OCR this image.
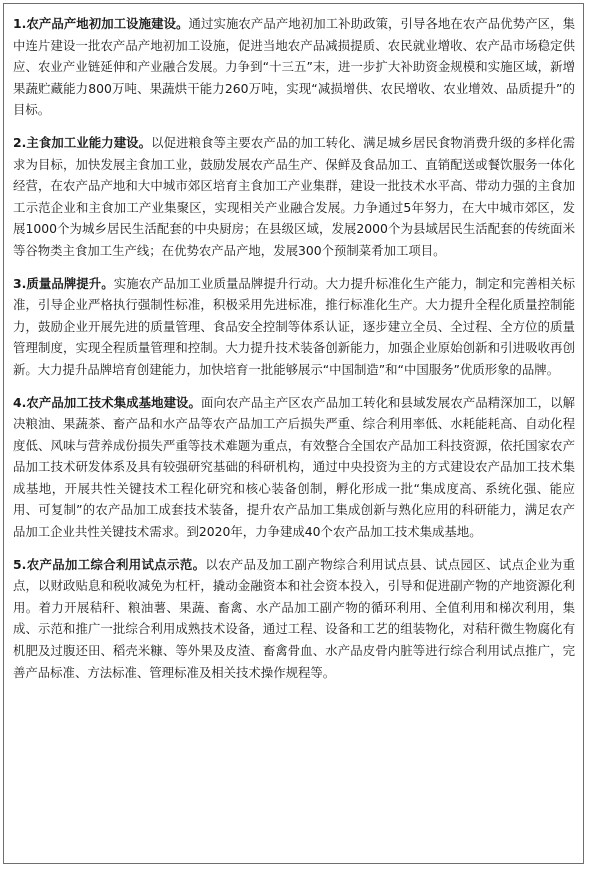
1.农产品产地初加工设施建设。通过实施农产品产地初加工补助政策，引导各地在农产品优势产区，集中连片建设一批农产品产地初加工设施，促进当地农产品减损提质、农民就业增收、农产品市场稳定供应、农业产业链延伸和产业融合发展。力争到“十三五”末，进一步扩大补助资金规模和实施区域，新增果蔬贮藏能力800万吨、果蔬烘干能力260万吨，实现“减损增供、农民增收、农业增效、品质提升”的目标。

2.主食加工业能力建设。以促进粮食等主要农产品的加工转化、满足城乡居民食物消费升级的多样化需求为目标，加快发展主食加工业，鼓励发展农产品生产、保鲜及食品加工、直销配送或餐饮服务一体化经营，在农产品产地和大中城市郊区培育主食加工产业集群，建设一批技术水平高、带动力强的主食加工示范企业和主食加工产业集聚区，实现相关产业融合发展。力争通过5年努力，在大中城市郊区，发展1000个为城乡居民生活配套的中央厨房；在县级区域，发展2000个为县域居民生活配套的传统面米等谷物类主食加工生产线；在优势农产品产地，发展300个预制菜肴加工项目。

3.质量品牌提升。实施农产品加工业质量品牌提升行动。大力提升标准化生产能力，制定和完善相关标准，引导企业严格执行强制性标准，积极采用先进标准，推行标准化生产。大力提升全程化质量控制能力，鼓励企业开展先进的质量管理、食品安全控制等体系认证，逐步建立全员、全过程、全方位的质量管理制度，实现全程质量管理和控制。大力提升技术装备创新能力，加强企业原始创新和引进吸收再创新。大力提升品牌培育创建能力，加快培育一批能够展示“中国制造”和“中国服务”优质形象的品牌。

4.农产品加工技术集成基地建设。面向农产品主产区农产品加工转化和县域发展农产品精深加工，以解决粮油、果蔬茶、畜产品和水产品等农产品加工产后损失严重、综合利用率低、水耗能耗高、自动化程度低、风味与营养成份损失严重等技术难题为重点，有效整合全国农产品加工科技资源，依托国家农产品加工技术研发体系及具有较强研究基础的科研机构，通过中央投资为主的方式建设农产品加工技术集成基地，开展共性关键技术工程化研究和核心装备创制，孵化形成一批“集成度高、系统化强、能应用、可复制”的农产品加工成套技术装备，提升农产品加工集成创新与熟化应用的科研能力，满足农产品加工企业共性关键技术需求。到2020年，力争建成40个农产品加工技术集成基地。

5.农产品加工综合利用试点示范。以农产品及加工副产物综合利用试点县、试点园区、试点企业为重点，以财政贴息和税收减免为杠杆，撬动金融资本和社会资本投入，引导和促进副产物的产地资源化利用。着力开展秸秆、粮油薯、果蔬、畜禽、水产品加工副产物的循环利用、全值利用和梯次利用，集成、示范和推广一批综合利用成熟技术设备，通过工程、设备和工艺的组装物化，对秸秆微生物腐化有机肥及过腹还田、稻壳米糠、等外果及皮渣、畜禽骨血、水产品皮骨内脏等进行综合利用试点推广，完善产品标准、方法标准、管理标准及相关技术操作规程等。
